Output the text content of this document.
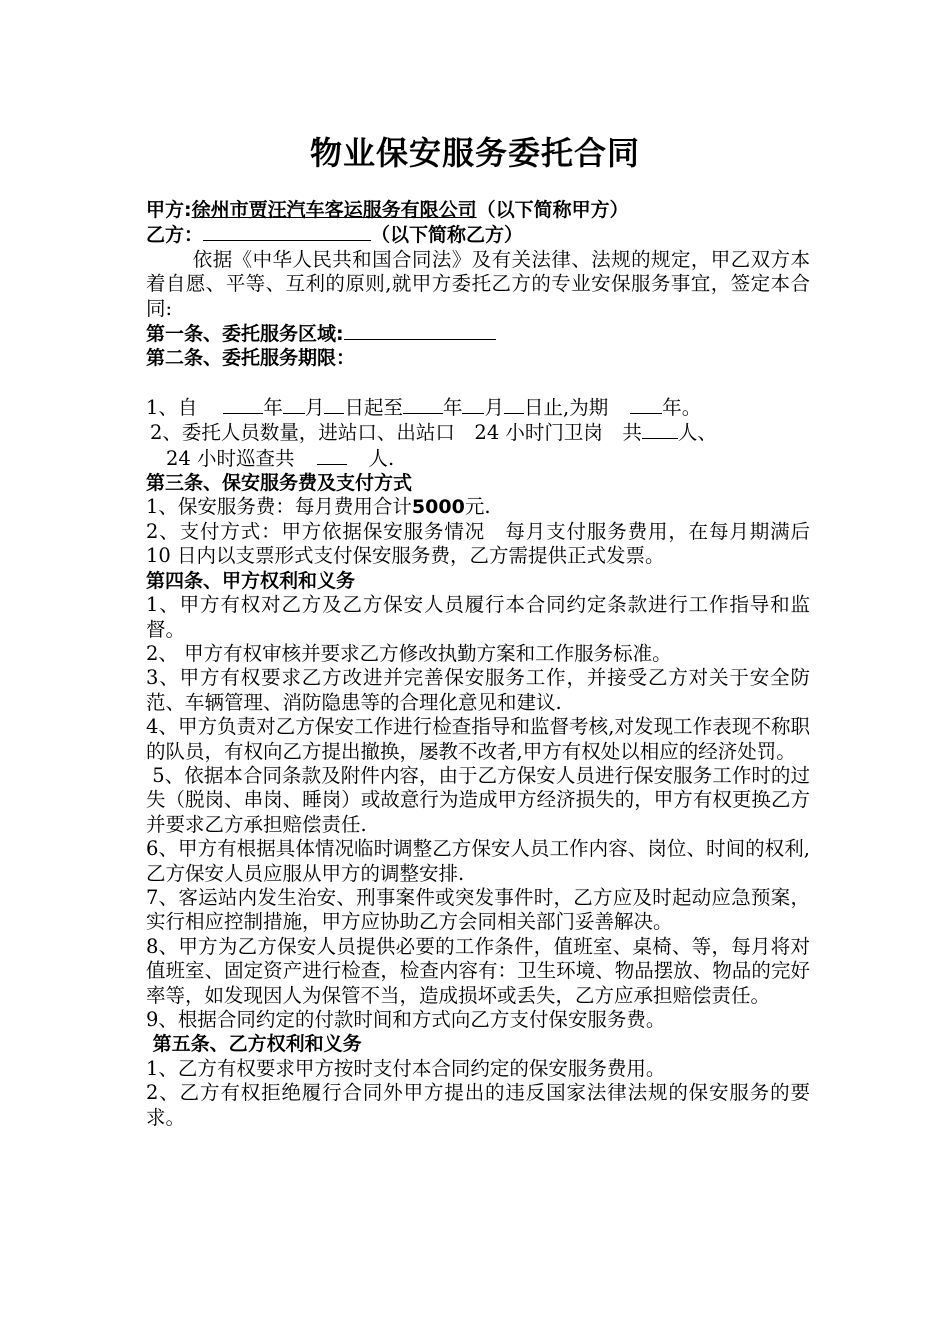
物业保安服务委托合同

甲方:徐州市贾汪汽车客运服务有限公司（以下简称甲方）

乙方：	（以下简称乙方）

依据《中华人民共和国合同法》及有关法律、法规的规定，甲乙双方本着自愿、平等、互利的原则,就甲方委托乙方的专业安保服务事宜，签定本合同:

第一条、委托服务区域:

第二条、委托服务期限：

1、自	年 月 日起至 年 月 日止,为期	年。

2、委托人员数量，进站口、出站口　24 小时门卫岗　共 人、

24 小时巡查共	人.

第三条、保安服务费及支付方式

1、保安服务费：每月费用合计5000元.

2、支付方式：甲方依据保安服务情况　每月支付服务费用，在每月期满后　10 日内以支票形式支付保安服务费，乙方需提供正式发票。

第四条、甲方权利和义务

1、甲方有权对乙方及乙方保安人员履行本合同约定条款进行工作指导和监督。

2、 甲方有权审核并要求乙方修改执勤方案和工作服务标准。

3、甲方有权要求乙方改进并完善保安服务工作，并接受乙方对关于安全防范、车辆管理、消防隐患等的合理化意见和建议.

4、甲方负责对乙方保安工作进行检查指导和监督考核,对发现工作表现不称职的队员，有权向乙方提出撤换，屡教不改者,甲方有权处以相应的经济处罚。

5、依据本合同条款及附件内容，由于乙方保安人员进行保安服务工作时的过失（脱岗、串岗、睡岗）或故意行为造成甲方经济损失的，甲方有权更换乙方并要求乙方承担赔偿责任.

6、甲方有根据具体情况临时调整乙方保安人员工作内容、岗位、时间的权利,乙方保安人员应服从甲方的调整安排.

7、客运站内发生治安、刑事案件或突发事件时，乙方应及时起动应急预案，实行相应控制措施，甲方应协助乙方会同相关部门妥善解决。

8、甲方为乙方保安人员提供必要的工作条件，值班室、桌椅、等，每月将对值班室、固定资产进行检查，检查内容有：卫生环境、物品摆放、物品的完好率等，如发现因人为保管不当，造成损坏或丢失，乙方应承担赔偿责任。

9、根据合同约定的付款时间和方式向乙方支付保安服务费。

第五条、乙方权利和义务

1、乙方有权要求甲方按时支付本合同约定的保安服务费用。

2、乙方有权拒绝履行合同外甲方提出的违反国家法律法规的保安服务的要求。
